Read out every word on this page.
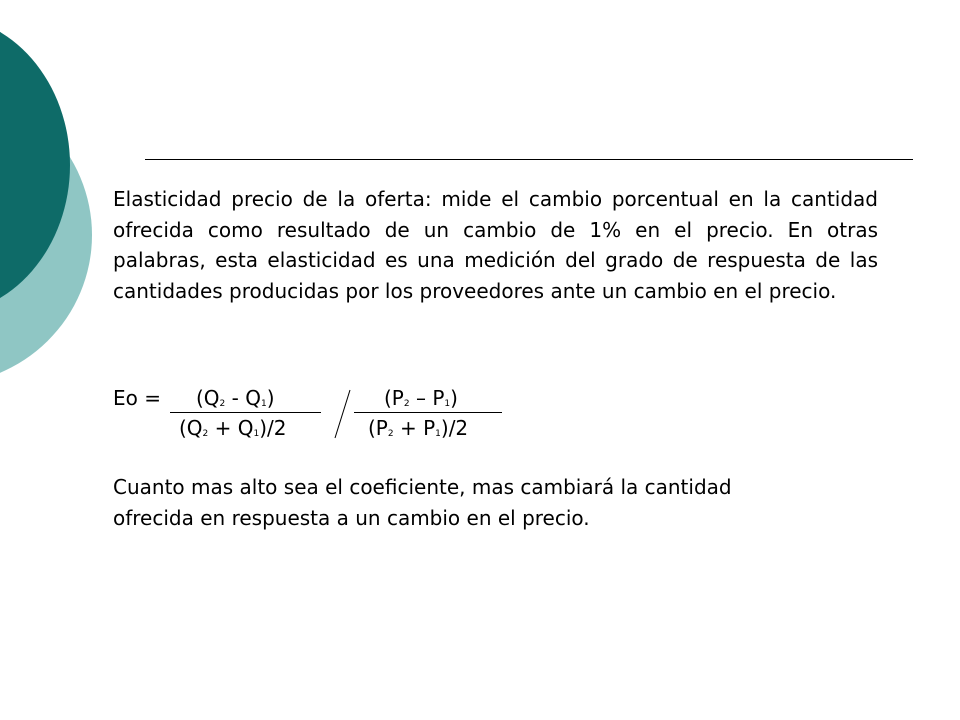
Elasticidad precio de la oferta: mide el cambio porcentual en la cantidad ofrecida como resultado de un cambio de 1% en el precio. En otras palabras, esta elasticidad es una medición del grado de respuesta de las cantidades producidas por los proveedores ante un cambio en el precio.

$Eo = (Q_2 - Q_1)$	$(P_2 - P_1)$
$(Q_2 + Q_1)/2$	$(P_2 + P_1)/2$

Cuanto mas alto sea el coeficiente, mas cambiará la cantidad
ofrecida en respuesta a un cambio en el precio.
